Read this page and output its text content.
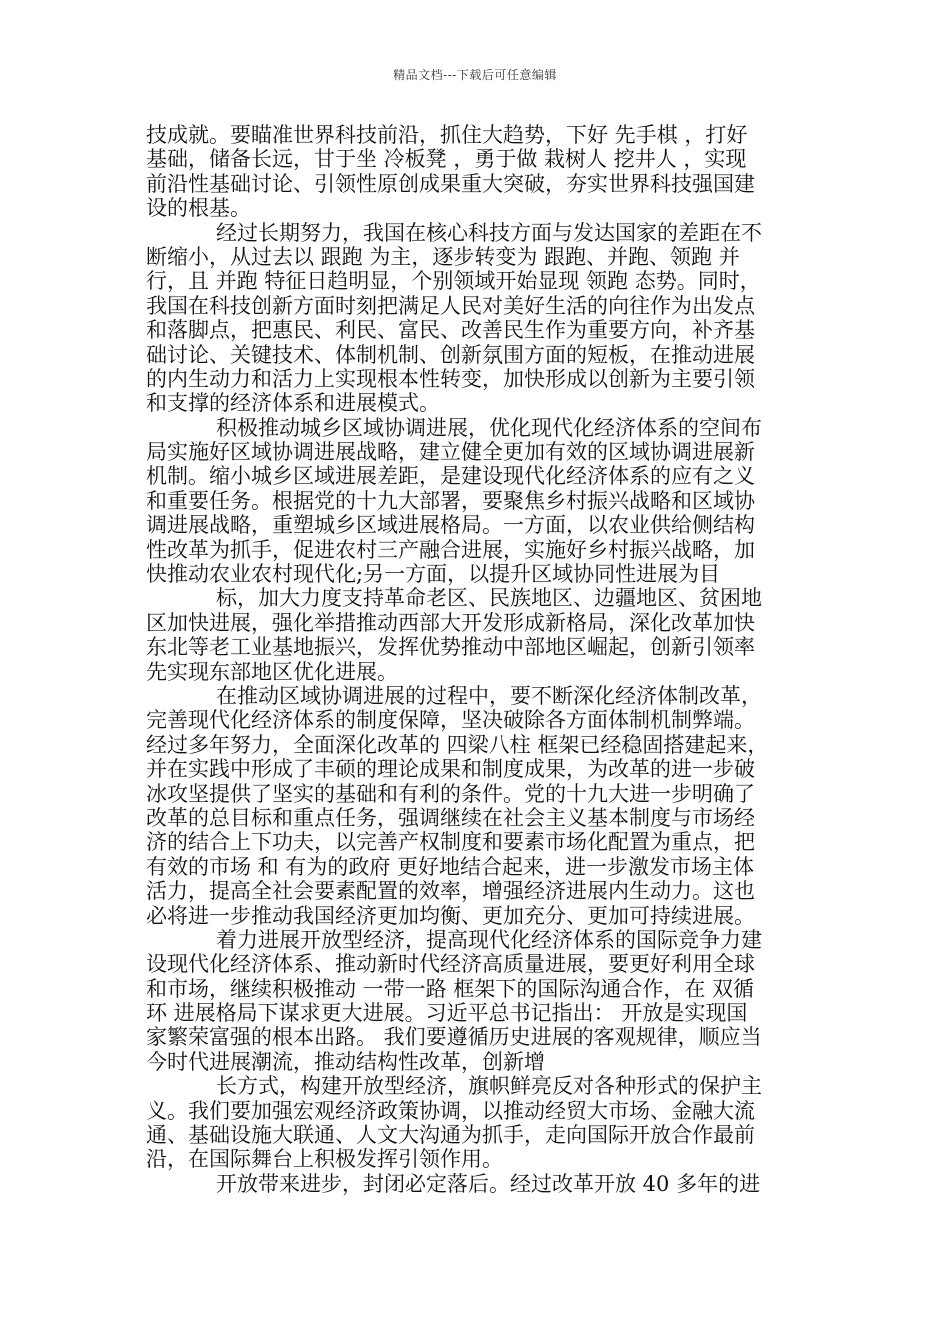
精品文档---下载后可任意编辑
技成就。要瞄准世界科技前沿，抓住大趋势，下好 先手棋 ，打好
基础，储备长远，甘于坐 冷板凳 ，勇于做 栽树人 挖井人 ，实现
前沿性基础讨论、引领性原创成果重大突破，夯实世界科技强国建
设的根基。
经过长期努力，我国在核心科技方面与发达国家的差距在不
断缩小，从过去以 跟跑 为主，逐步转变为 跟跑、并跑、领跑 并
行，且 并跑 特征日趋明显，个别领域开始显现 领跑 态势。同时，
我国在科技创新方面时刻把满足人民对美好生活的向往作为出发点
和落脚点，把惠民、利民、富民、改善民生作为重要方向，补齐基
础讨论、关键技术、体制机制、创新氛围方面的短板，在推动进展
的内生动力和活力上实现根本性转变，加快形成以创新为主要引领
和支撑的经济体系和进展模式。
积极推动城乡区域协调进展，优化现代化经济体系的空间布
局实施好区域协调进展战略，建立健全更加有效的区域协调进展新
机制。缩小城乡区域进展差距，是建设现代化经济体系的应有之义
和重要任务。根据党的十九大部署，要聚焦乡村振兴战略和区域协
调进展战略，重塑城乡区域进展格局。一方面，以农业供给侧结构
性改革为抓手，促进农村三产融合进展，实施好乡村振兴战略，加
快推动农业农村现代化;另一方面，以提升区域协同性进展为目
标，加大力度支持革命老区、民族地区、边疆地区、贫困地
区加快进展，强化举措推动西部大开发形成新格局，深化改革加快
东北等老工业基地振兴，发挥优势推动中部地区崛起，创新引领率
先实现东部地区优化进展。
在推动区域协调进展的过程中，要不断深化经济体制改革，
完善现代化经济体系的制度保障，坚决破除各方面体制机制弊端。
经过多年努力，全面深化改革的 四梁八柱 框架已经稳固搭建起来，
并在实践中形成了丰硕的理论成果和制度成果，为改革的进一步破
冰攻坚提供了坚实的基础和有利的条件。党的十九大进一步明确了
改革的总目标和重点任务，强调继续在社会主义基本制度与市场经
济的结合上下功夫，以完善产权制度和要素市场化配置为重点，把
有效的市场 和 有为的政府 更好地结合起来，进一步激发市场主体
活力，提高全社会要素配置的效率，增强经济进展内生动力。这也
必将进一步推动我国经济更加均衡、更加充分、更加可持续进展。
着力进展开放型经济，提高现代化经济体系的国际竞争力建
设现代化经济体系、推动新时代经济高质量进展，要更好利用全球
和市场，继续积极推动 一带一路 框架下的国际沟通合作，在 双循
环 进展格局下谋求更大进展。习近平总书记指出： 开放是实现国
家繁荣富强的根本出路。 我们要遵循历史进展的客观规律，顺应当
今时代进展潮流，推动结构性改革，创新增
长方式，构建开放型经济，旗帜鲜亮反对各种形式的保护主
义。我们要加强宏观经济政策协调，以推动经贸大市场、金融大流
通、基础设施大联通、人文大沟通为抓手，走向国际开放合作最前
沿，在国际舞台上积极发挥引领作用。
开放带来进步，封闭必定落后。经过改革开放 40 多年的进
